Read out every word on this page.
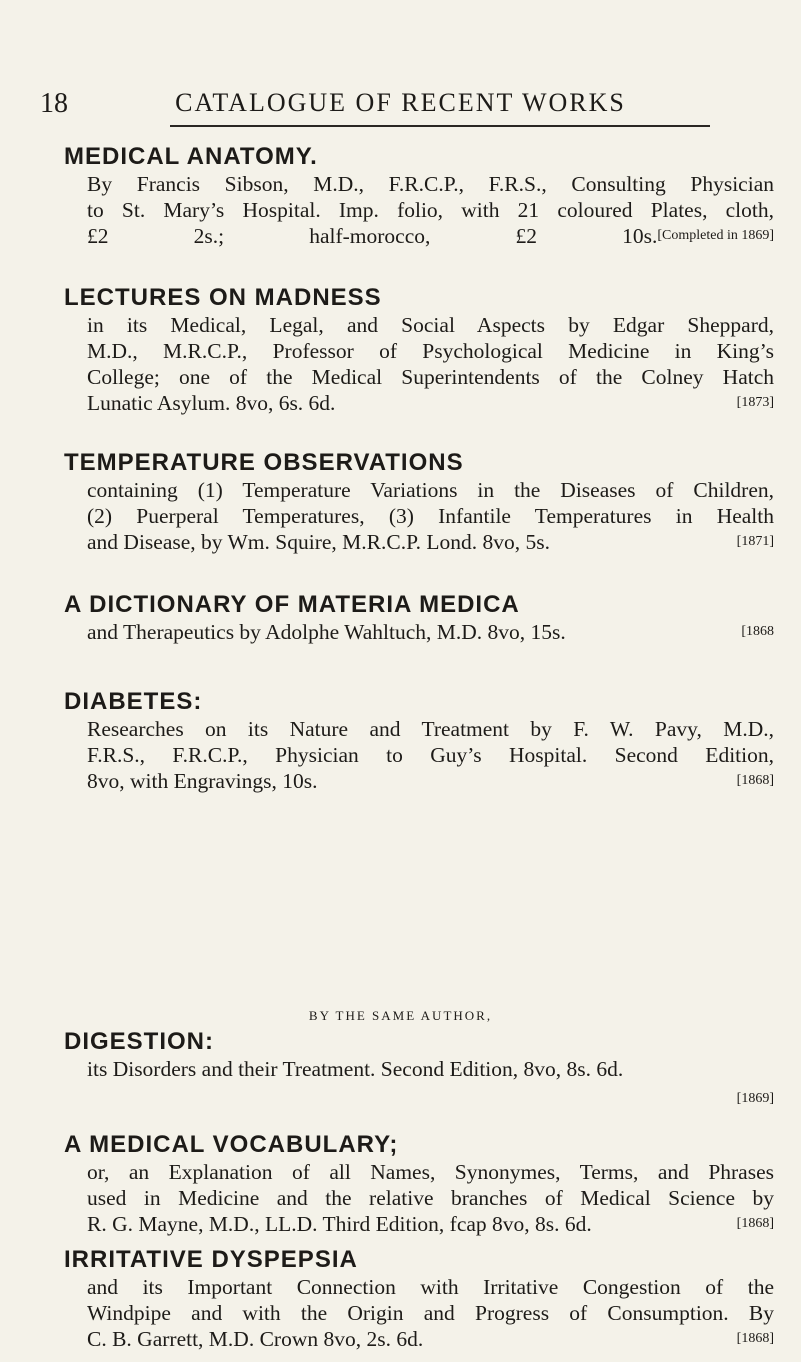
18	CATALOGUE OF RECENT WORKS
MEDICAL ANATOMY.
By Francis Sibson, M.D., F.R.C.P., F.R.S., Consulting Physician
to St. Mary’s Hospital. Imp. folio, with 21 coloured Plates, cloth,
£2 2s.; half-morocco, £2 10s. [Completed in 1869]
LECTURES ON MADNESS
in its Medical, Legal, and Social Aspects by Edgar Sheppard,
M.D., M.R.C.P., Professor of Psychological Medicine in King’s
College; one of the Medical Superintendents of the Colney Hatch
Lunatic Asylum. 8vo, 6s. 6d.	[1873]
TEMPERATURE OBSERVATIONS
containing (1) Temperature Variations in the Diseases of Children,
(2) Puerperal Temperatures, (3) Infantile Temperatures in Health
and Disease, by Wm. Squire, M.R.C.P. Lond. 8vo, 5s.	[1871]
A DICTIONARY OF MATERIA MEDICA
and Therapeutics by Adolphe Wahltuch, M.D. 8vo, 15s.	[1868
DIABETES:
Researches on its Nature and Treatment by F. W. Pavy, M.D.,
F.R.S., F.R.C.P., Physician to Guy’s Hospital. Second Edition,
8vo, with Engravings, 10s.	[1868]
BY THE SAME AUTHOR,
DIGESTION:
its Disorders and their Treatment. Second Edition, 8vo, 8s. 6d.
[1869]
A MEDICAL VOCABULARY;
or, an Explanation of all Names, Synonymes, Terms, and Phrases
used in Medicine and the relative branches of Medical Science by
R. G. Mayne, M.D., LL.D. Third Edition, fcap 8vo, 8s. 6d.	[1868]
IRRITATIVE DYSPEPSIA
and its Important Connection with Irritative Congestion of the
Windpipe and with the Origin and Progress of Consumption. By
C. B. Garrett, M.D. Crown 8vo, 2s. 6d.	[1868]
